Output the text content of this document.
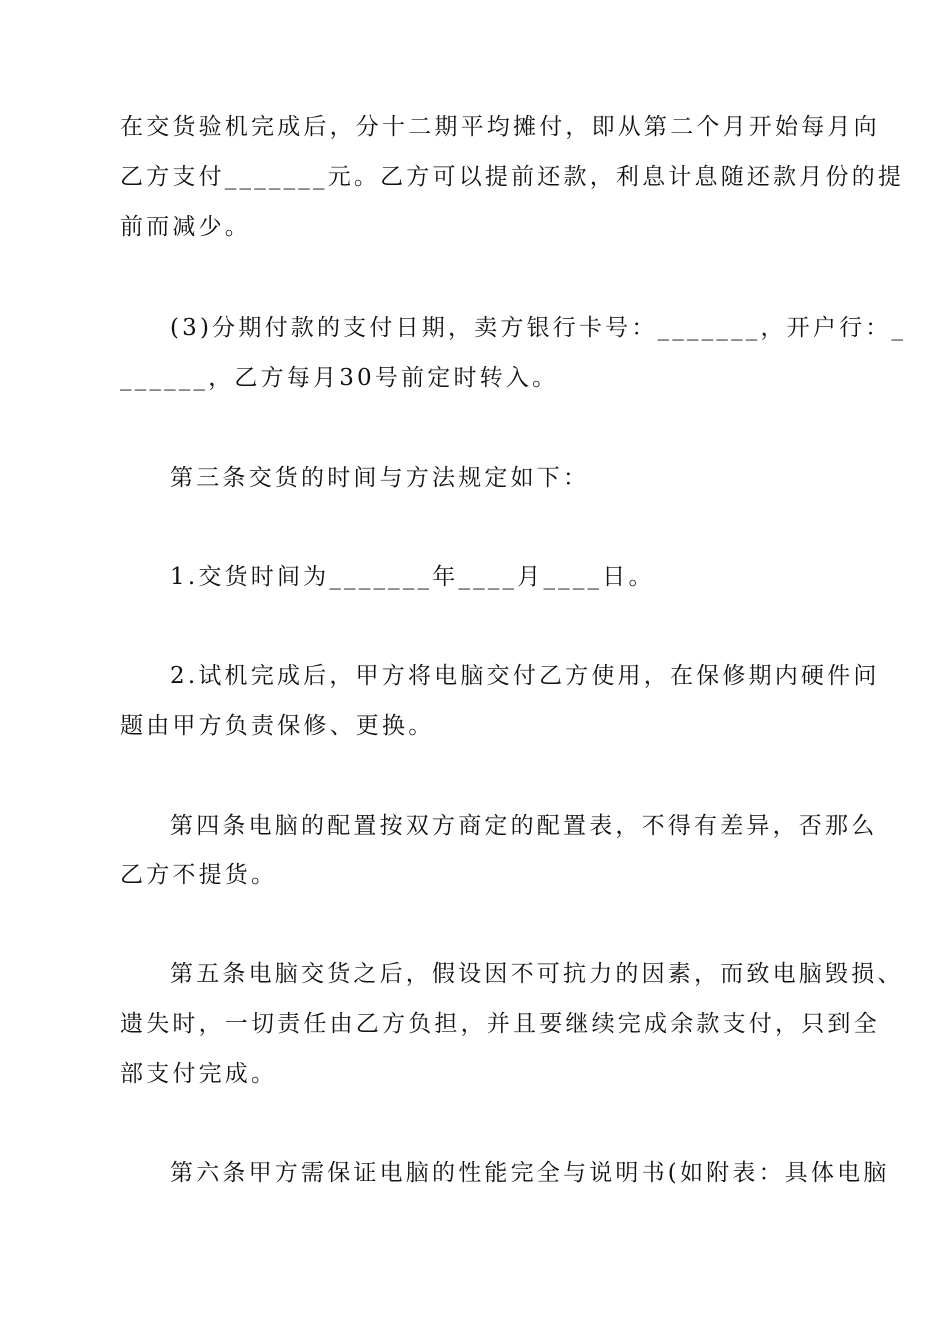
在交货验机完成后，分十二期平均摊付，即从第二个月开始每月向
乙方支付_______元。乙方可以提前还款，利息计息随还款月份的提
前而减少。
(3)分期付款的支付日期，卖方银行卡号：_______，开户行：_
______，乙方每月30号前定时转入。
第三条交货的时间与方法规定如下：
1.交货时间为_______年____月____日。
2.试机完成后，甲方将电脑交付乙方使用，在保修期内硬件问
题由甲方负责保修、更换。
第四条电脑的配置按双方商定的配置表，不得有差异，否那么
乙方不提货。
第五条电脑交货之后，假设因不可抗力的因素，而致电脑毁损、
遗失时，一切责任由乙方负担，并且要继续完成余款支付，只到全
部支付完成。
第六条甲方需保证电脑的性能完全与说明书(如附表：具体电脑
